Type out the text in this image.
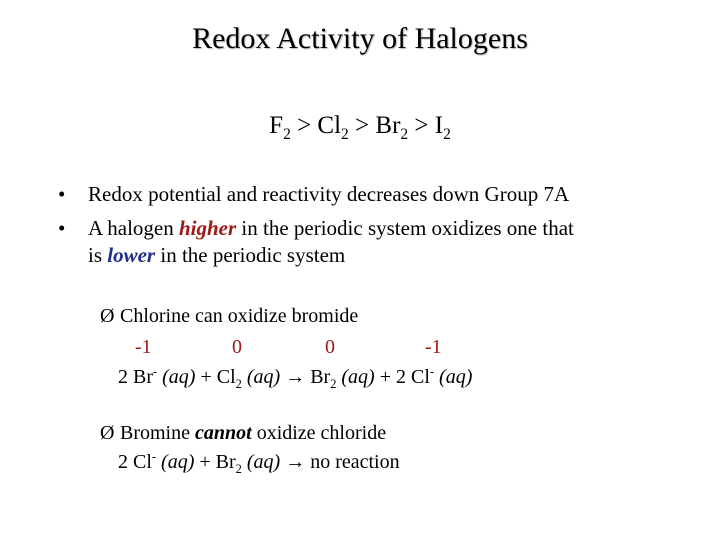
Redox Activity of Halogens
$F_2 > Cl_2 > Br_2 > I_2$
• Redox potential and reactivity decreases down Group 7A
• A halogen higher in the periodic system oxidizes one that
is lower in the periodic system
Ø Chlorine can oxidize bromide
-1	0	0	-1
2 Br- $(aq) + Cl_2$ $(aq) \to Br_2$ (aq) + 2 Cl- (aq)
Ø Bromine cannot oxidize chloride
2 Cl- $(aq) + Br_2$ (aq) → no reaction
